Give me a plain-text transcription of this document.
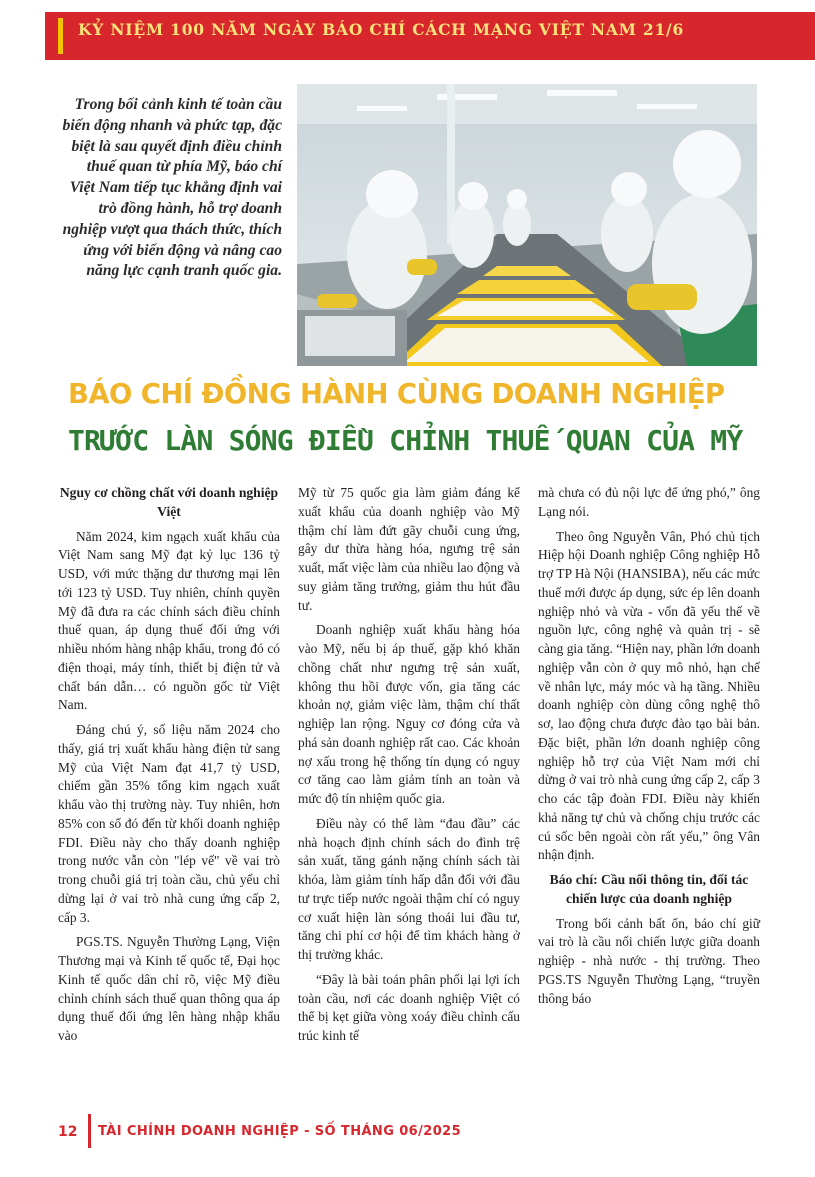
KỶ NIỆM 100 NĂM NGÀY BÁO CHÍ CÁCH MẠNG VIỆT NAM 21/6
Trong bối cảnh kinh tế toàn cầu biến động nhanh và phức tạp, đặc biệt là sau quyết định điều chỉnh thuế quan từ phía Mỹ, báo chí Việt Nam tiếp tục khẳng định vai trò đồng hành, hỗ trợ doanh nghiệp vượt qua thách thức, thích ứng với biến động và nâng cao năng lực cạnh tranh quốc gia.
BÁO CHÍ ĐỒNG HÀNH CÙNG DOANH NGHIỆP
TRƯỚC LÀN SÓNG ĐIỀU CHỈNH THUẾ QUAN CỦA MỸ
Nguy cơ chồng chất với doanh nghiệp Việt

Năm 2024, kim ngạch xuất khẩu của Việt Nam sang Mỹ đạt kỷ lục 136 tỷ USD, với mức thặng dư thương mại lên tới 123 tỷ USD. Tuy nhiên, chính quyền Mỹ đã đưa ra các chính sách điều chỉnh thuế quan, áp dụng thuế đối ứng với nhiều nhóm hàng nhập khẩu, trong đó có điện thoại, máy tính, thiết bị điện tử và chất bán dẫn… có nguồn gốc từ Việt Nam.

Đáng chú ý, số liệu năm 2024 cho thấy, giá trị xuất khẩu hàng điện tử sang Mỹ của Việt Nam đạt 41,7 tỷ USD, chiếm gần 35% tổng kim ngạch xuất khẩu vào thị trường này. Tuy nhiên, hơn 85% con số đó đến từ khối doanh nghiệp FDI. Điều này cho thấy doanh nghiệp trong nước vẫn còn "lép vế" về vai trò trong chuỗi giá trị toàn cầu, chủ yếu chỉ dừng lại ở vai trò nhà cung ứng cấp 2, cấp 3.

PGS.TS. Nguyễn Thường Lạng, Viện Thương mại và Kinh tế quốc tế, Đại học Kinh tế quốc dân chỉ rõ, việc Mỹ điều chỉnh chính sách thuế quan thông qua áp dụng thuế đối ứng lên hàng nhập khẩu vào

Mỹ từ 75 quốc gia làm giảm đáng kể xuất khẩu của doanh nghiệp vào Mỹ thậm chí làm đứt gãy chuỗi cung ứng, gây dư thừa hàng hóa, ngưng trệ sản xuất, mất việc làm của nhiều lao động và suy giảm tăng trưởng, giảm thu hút đầu tư.

Doanh nghiệp xuất khẩu hàng hóa vào Mỹ, nếu bị áp thuế, gặp khó khăn chồng chất như ngưng trệ sản xuất, không thu hồi được vốn, gia tăng các khoản nợ, giảm việc làm, thậm chí thất nghiệp lan rộng. Nguy cơ đóng cửa và phá sản doanh nghiệp rất cao. Các khoản nợ xấu trong hệ thống tín dụng có nguy cơ tăng cao làm giảm tính an toàn và mức độ tín nhiệm quốc gia.

Điều này có thể làm “đau đầu” các nhà hoạch định chính sách do đình trệ sản xuất, tăng gánh nặng chính sách tài khóa, làm giảm tính hấp dẫn đối với đầu tư trực tiếp nước ngoài thậm chí có nguy cơ xuất hiện làn sóng thoái lui đầu tư, tăng chi phí cơ hội để tìm khách hàng ở thị trường khác.

“Đây là bài toán phân phối lại lợi ích toàn cầu, nơi các doanh nghiệp Việt có thể bị kẹt giữa vòng xoáy điều chỉnh cấu trúc kinh tế

mà chưa có đủ nội lực để ứng phó,” ông Lạng nói.

Theo ông Nguyễn Vân, Phó chủ tịch Hiệp hội Doanh nghiệp Công nghiệp Hỗ trợ TP Hà Nội (HANSIBA), nếu các mức thuế mới được áp dụng, sức ép lên doanh nghiệp nhỏ và vừa - vốn đã yếu thế về nguồn lực, công nghệ và quản trị - sẽ càng gia tăng. “Hiện nay, phần lớn doanh nghiệp vẫn còn ở quy mô nhỏ, hạn chế về nhân lực, máy móc và hạ tầng. Nhiều doanh nghiệp còn dùng công nghệ thô sơ, lao động chưa được đào tạo bài bản. Đặc biệt, phần lớn doanh nghiệp công nghiệp hỗ trợ của Việt Nam mới chỉ dừng ở vai trò nhà cung ứng cấp 2, cấp 3 cho các tập đoàn FDI. Điều này khiến khả năng tự chủ và chống chịu trước các cú sốc bên ngoài còn rất yếu,” ông Vân nhận định.

Báo chí: Cầu nối thông tin, đối tác chiến lược của doanh nghiệp

Trong bối cảnh bất ổn, báo chí giữ vai trò là cầu nối chiến lược giữa doanh nghiệp - nhà nước - thị trường. Theo PGS.TS Nguyễn Thường Lạng, “truyền thông báo

12 TÀI CHÍNH DOANH NGHIỆP - SỐ THÁNG 06/2025
